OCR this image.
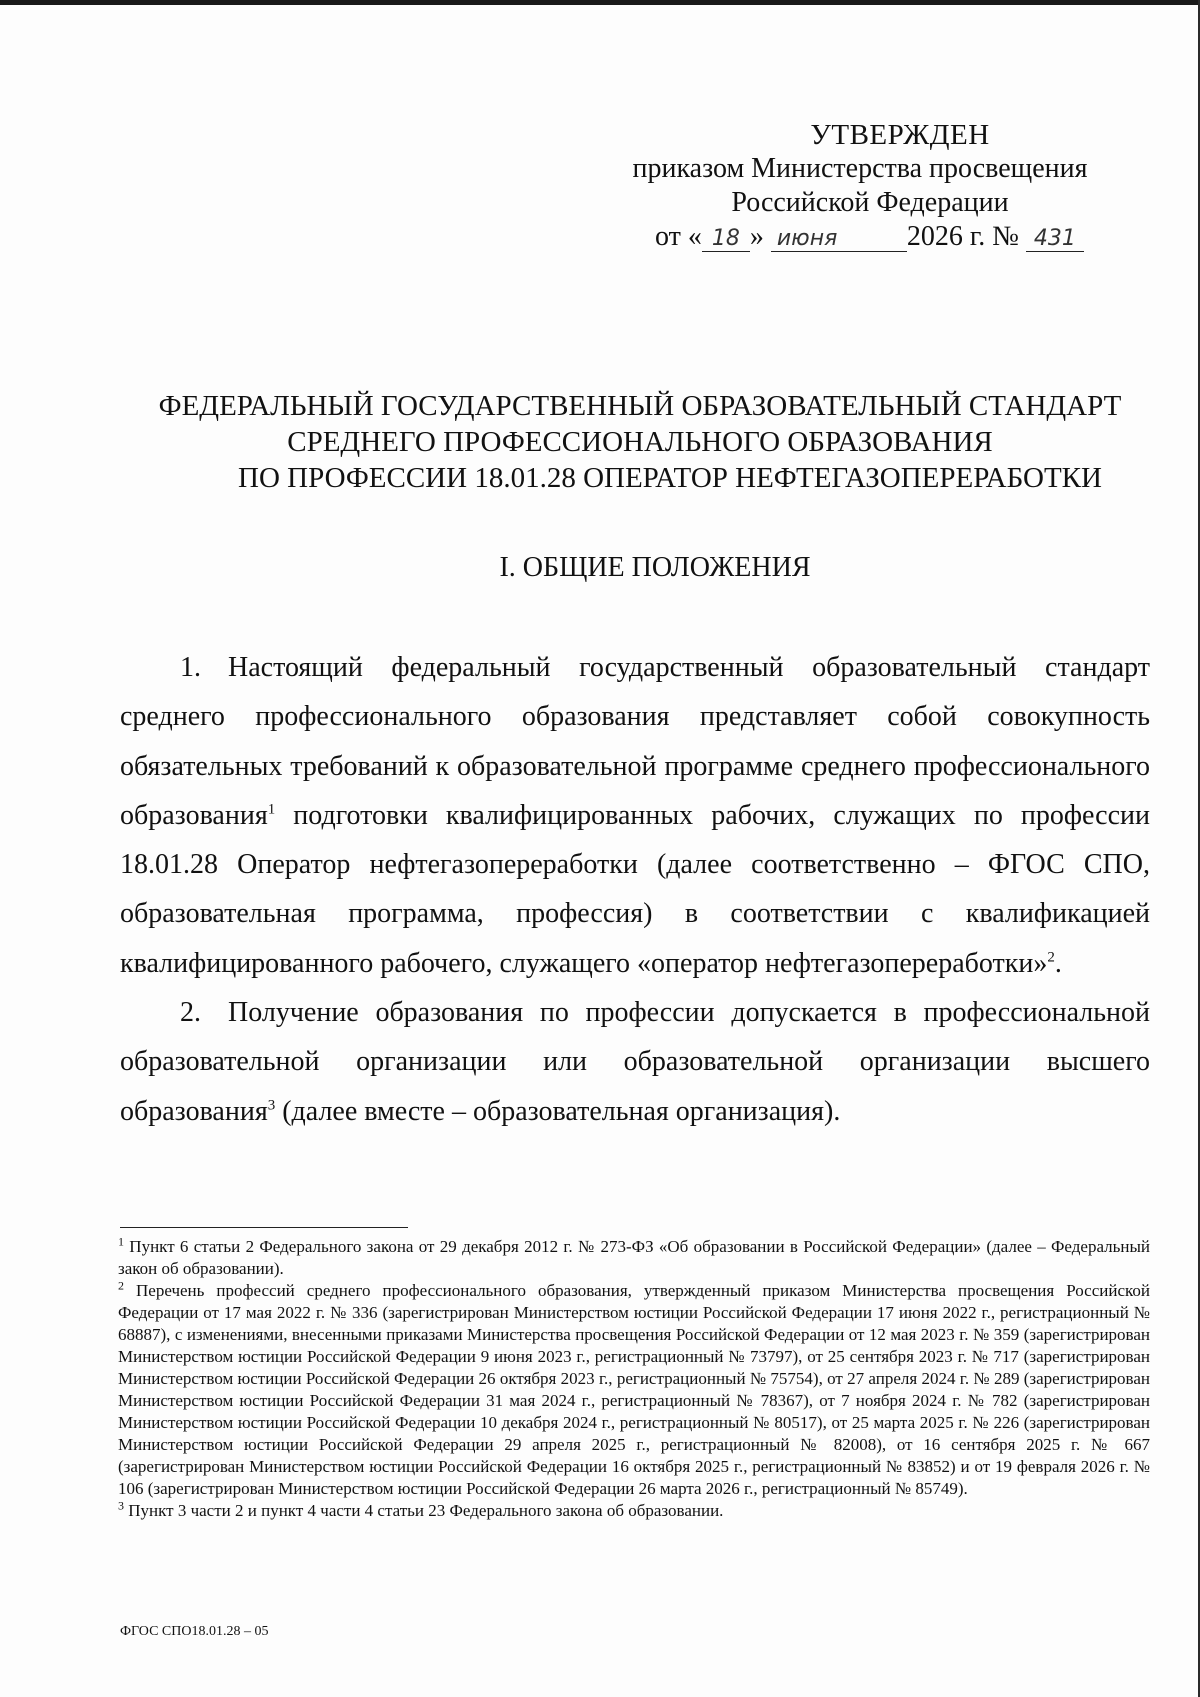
УТВЕРЖДЕН
приказом Министерства просвещения
Российской Федерации
от « 18 » июня 2026 г. № 431
ФЕДЕРАЛЬНЫЙ ГОСУДАРСТВЕННЫЙ ОБРАЗОВАТЕЛЬНЫЙ СТАНДАРТ
СРЕДНЕГО ПРОФЕССИОНАЛЬНОГО ОБРАЗОВАНИЯ
ПО ПРОФЕССИИ 18.01.28 ОПЕРАТОР НЕФТЕГАЗОПЕРЕРАБОТКИ
I. ОБЩИЕ ПОЛОЖЕНИЯ

1. Настоящий федеральный государственный образовательный стандарт среднего профессионального образования представляет собой совокупность обязательных требований к образовательной программе среднего профессионального образования$^1$ подготовки квалифицированных рабочих, служащих по профессии 18.01.28 Оператор нефтегазопереработки (далее соответственно – ФГОС СПО, образовательная программа, профессия) в соответствии с квалификацией квалифицированного рабочего, служащего «оператор нефтегазопереработки»$^2$.

2. Получение образования по профессии допускается в профессиональной образовательной организации или образовательной организации высшего образования$^3$ (далее вместе – образовательная организация).

$^1$ Пункт 6 статьи 2 Федерального закона от 29 декабря 2012 г. № 273-ФЗ «Об образовании в Российской Федерации» (далее – Федеральный закон об образовании).

$^2$ Перечень профессий среднего профессионального образования, утвержденный приказом Министерства просвещения Российской Федерации от 17 мая 2022 г. № 336 (зарегистрирован Министерством юстиции Российской Федерации 17 июня 2022 г., регистрационный № 68887), с изменениями, внесенными приказами Министерства просвещения Российской Федерации от 12 мая 2023 г. № 359 (зарегистрирован Министерством юстиции Российской Федерации 9 июня 2023 г., регистрационный № 73797), от 25 сентября 2023 г. № 717 (зарегистрирован Министерством юстиции Российской Федерации 26 октября 2023 г., регистрационный № 75754), от 27 апреля 2024 г. № 289 (зарегистрирован Министерством юстиции Российской Федерации 31 мая 2024 г., регистрационный № 78367), от 7 ноября 2024 г. № 782 (зарегистрирован Министерством юстиции Российской Федерации 10 декабря 2024 г., регистрационный № 80517), от 25 марта 2025 г. № 226 (зарегистрирован Министерством юстиции Российской Федерации 29 апреля 2025 г., регистрационный № 82008), от 16 сентября 2025 г. № 667 (зарегистрирован Министерством юстиции Российской Федерации 16 октября 2025 г., регистрационный № 83852) и от 19 февраля 2026 г. № 106 (зарегистрирован Министерством юстиции Российской Федерации 26 марта 2026 г., регистрационный № 85749).

$^3$ Пункт 3 части 2 и пункт 4 части 4 статьи 23 Федерального закона об образовании.

ФГОС СПО18.01.28 – 05
